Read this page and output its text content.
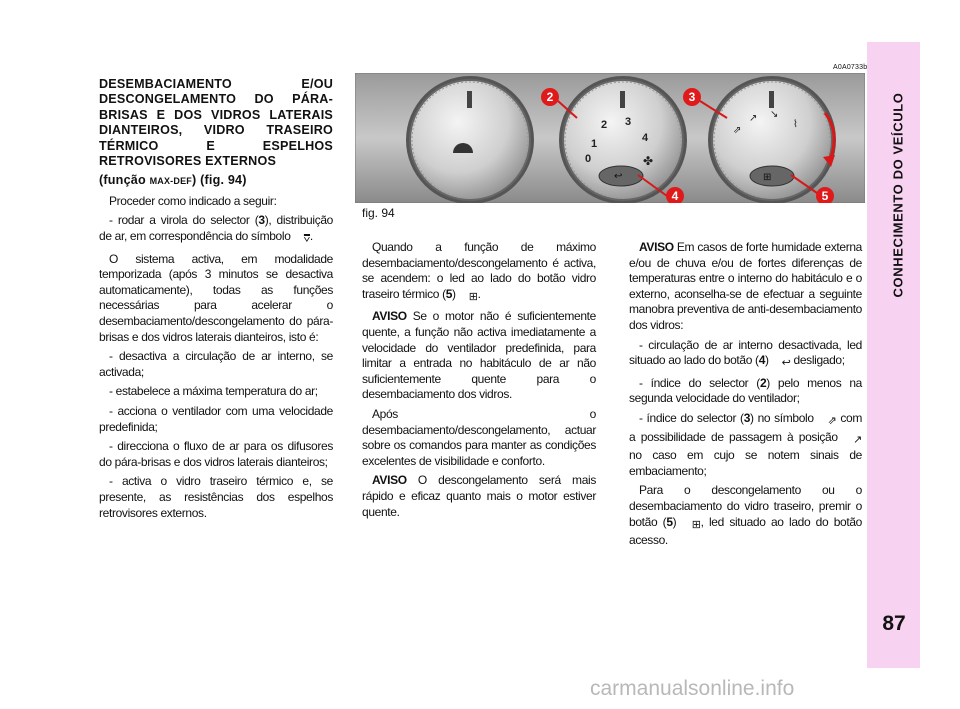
CONHECIMENTO DO VEÍCULO
87
A0A0733b
↩
✤
0
1
2 3
4
⇗
↗ ↘
⌇
⊞
2	3
4	5
fig. 94
DESEMBACIAMENTO E/OU DESCONGELAMENTO DO PÁRA-BRISAS E DOS VIDROS LATERAIS DIANTEIROS, VIDRO TRASEIRO TÉRMICO E ESPELHOS RETROVISORES EXTERNOS
(função MAX-DEF) (fig. 94)

Proceder como indicado a seguir:

- rodar a virola do selector (3), distribuição de ar, em correspondência do símbolo ⩢.

O sistema activa, em modalidade temporizada (após 3 minutos se desactiva automaticamente), todas as funções necessárias para acelerar o desembaciamento/descongelamento do pára-brisas e dos vidros laterais dianteiros, isto é:

- desactiva a circulação de ar interno, se activada;

- estabelece a máxima temperatura do ar;

- acciona o ventilador com uma velocidade predefinida;

- direcciona o fluxo de ar para os difusores do pára-brisas e dos vidros laterais dianteiros;

- activa o vidro traseiro térmico e, se presente, as resistências dos espelhos retrovisores externos.

Quando a função de máximo desembaciamento/descongelamento é activa, se acendem: o led ao lado do botão vidro traseiro térmico (5) ⊞.

AVISO Se o motor não é suficientemente quente, a função não activa imediatamente a velocidade do ventilador predefinida, para limitar a entrada no habitáculo de ar não suficientemente quente para o desembaciamento dos vidros.

Após o desembaciamento/descongelamento, actuar sobre os comandos para manter as condições excelentes de visibilidade e conforto.

AVISO O descongelamento será mais rápido e eficaz quanto mais o motor estiver quente.

AVISO Em casos de forte humidade externa e/ou de chuva e/ou de fortes diferenças de temperaturas entre o interno do habitáculo e o externo, aconselha-se de efectuar a seguinte manobra preventiva de anti-desembaciamento dos vidros:

- circulação de ar interno desactivada, led situado ao lado do botão (4) ↩ desligado;

- índice do selector (2) pelo menos na segunda velocidade do ventilador;

- índice do selector (3) no símbolo ⇗ com a possibilidade de passagem à posição ↗ no caso em cujo se notem sinais de embaciamento;

Para o descongelamento ou o desembaciamento do vidro traseiro, premir o botão (5) ⊞, led situado ao lado do botão acesso.

carmanualsonline.info
